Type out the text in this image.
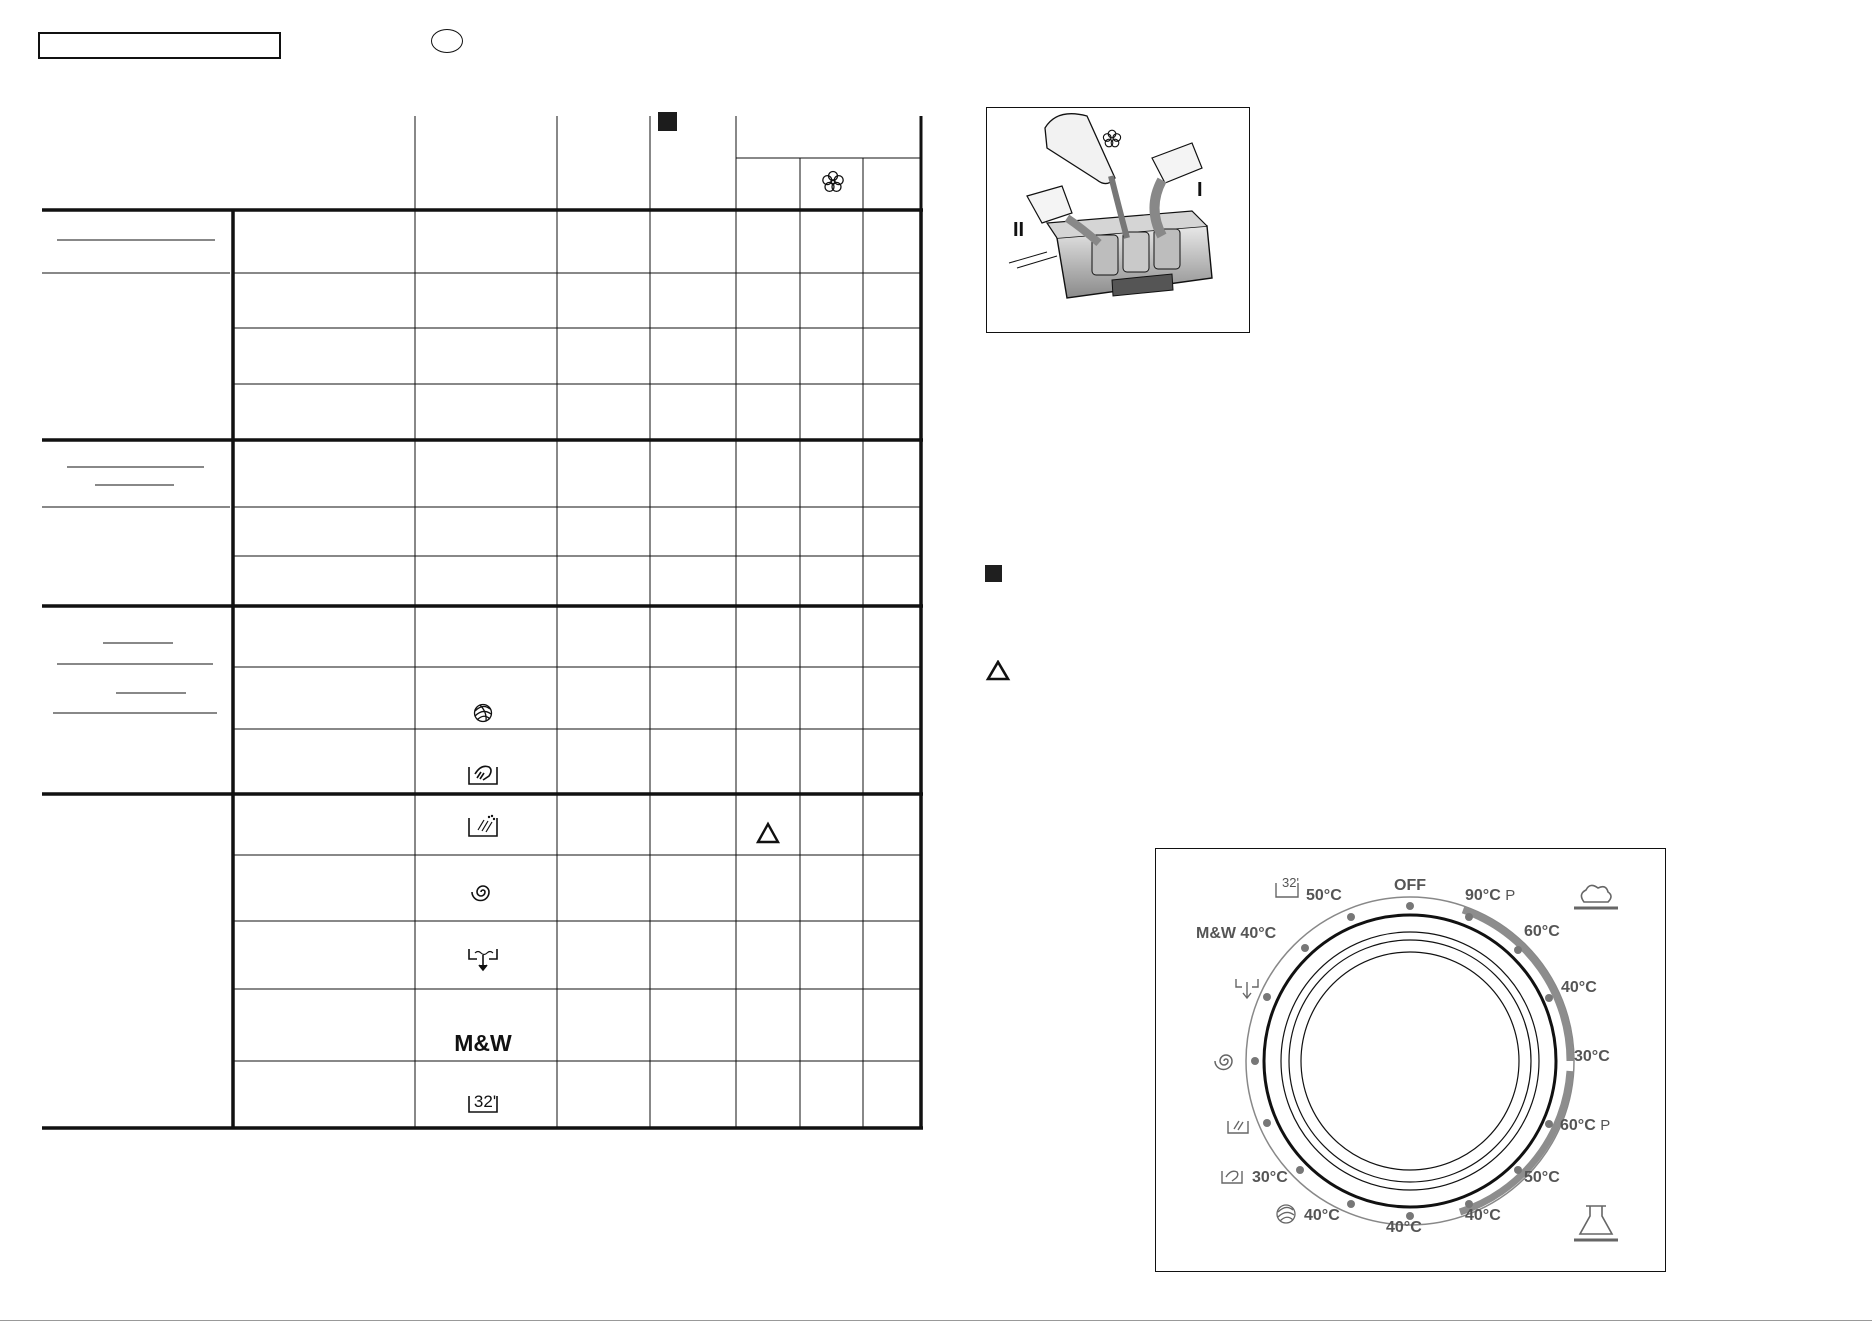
M&W
32'
I
II
50°C
32'	OFF
90°C P
60°C
40°C
30°C
60°C P
50°C
40°C
40°C
40°C
30°C
M&W 40°C
